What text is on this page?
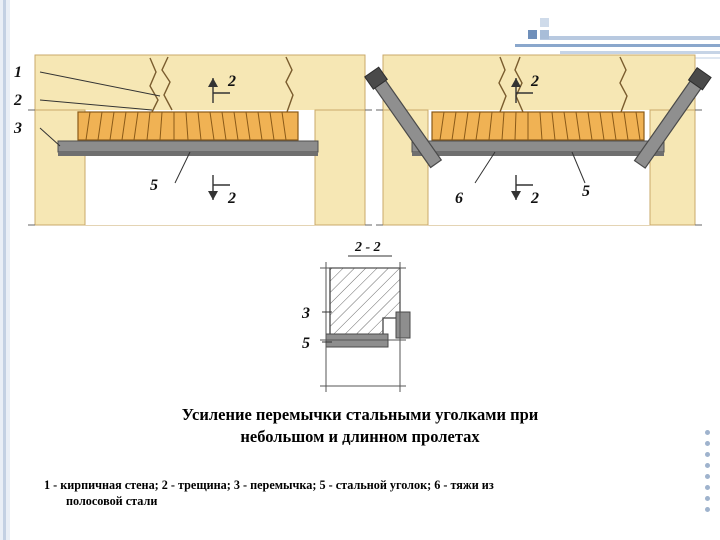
1
2
3
2
2
5
2
2
6	5
2 - 2
3
5
Усиление перемычки стальными уголками при
небольшом и длинном пролетах
1 - кирпичная стена; 2 - трещина; 3 - перемычка; 5 - стальной уголок; 6 - тяжи из
полосовой стали
